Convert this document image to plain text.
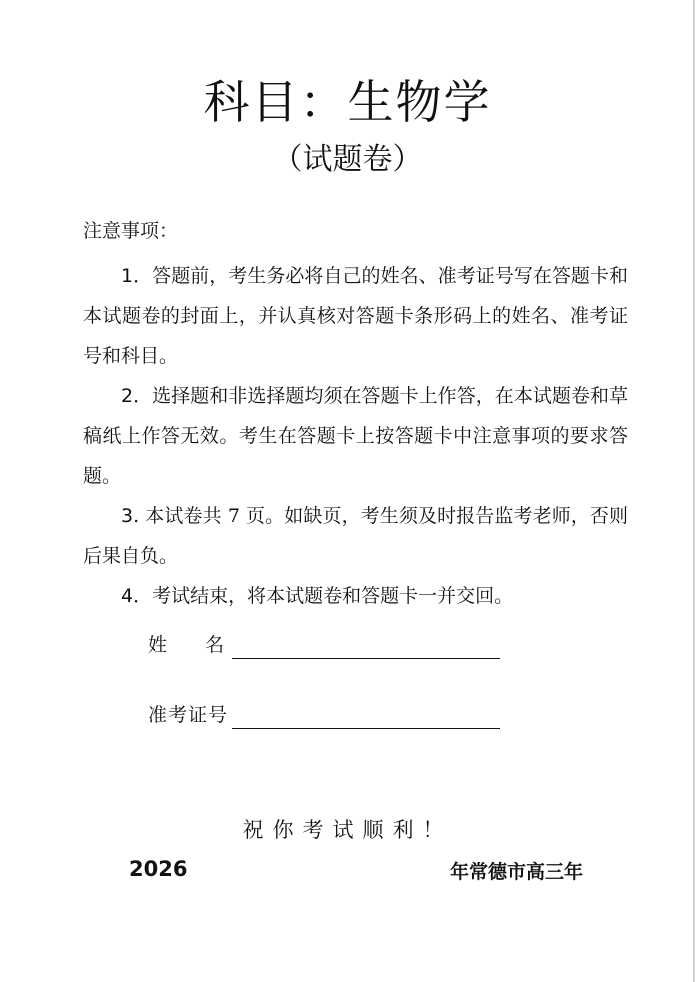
科目：生物学
（试题卷）
注意事项：
1．答题前，考生务必将自己的姓名、准考证号写在答题卡和本试题卷的封面上，并认真核对答题卡条形码上的姓名、准考证号和科目。
2．选择题和非选择题均须在答题卡上作答，在本试题卷和草稿纸上作答无效。考生在答题卡上按答题卡中注意事项的要求答题。
3. 本试卷共 7 页。如缺页，考生须及时报告监考老师，否则后果自负。
4．考试结束，将本试题卷和答题卡一并交回。
姓　　名
准考证号
祝你考试顺利！
2026	年常德市高三年
